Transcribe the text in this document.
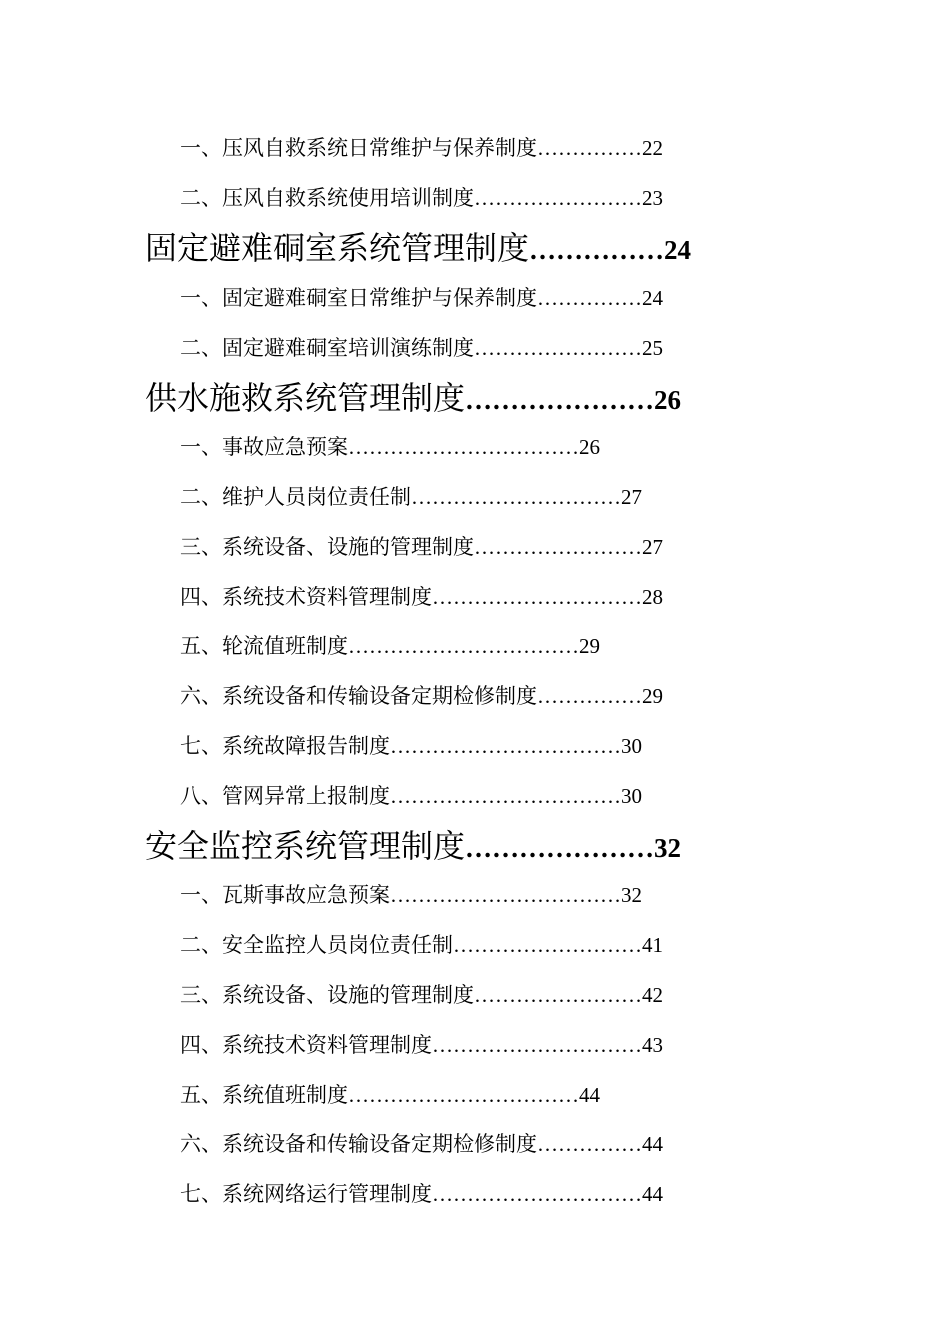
一、压风自救系统日常维护与保养制度……………22
二、压风自救系统使用培训制度……………………23
固定避难硐室系统管理制度……………24
一、固定避难硐室日常维护与保养制度……………24
二、固定避难硐室培训演练制度……………………25
供水施救系统管理制度…………………26
一、事故应急预案……………………………26
二、维护人员岗位责任制…………………………27
三、系统设备、设施的管理制度……………………27
四、系统技术资料管理制度…………………………28
五、轮流值班制度……………………………29
六、系统设备和传输设备定期检修制度……………29
七、系统故障报告制度……………………………30
八、管网异常上报制度……………………………30
安全监控系统管理制度…………………32
一、瓦斯事故应急预案……………………………32
二、安全监控人员岗位责任制………………………41
三、系统设备、设施的管理制度……………………42
四、系统技术资料管理制度…………………………43
五、系统值班制度……………………………44
六、系统设备和传输设备定期检修制度……………44
七、系统网络运行管理制度…………………………44
